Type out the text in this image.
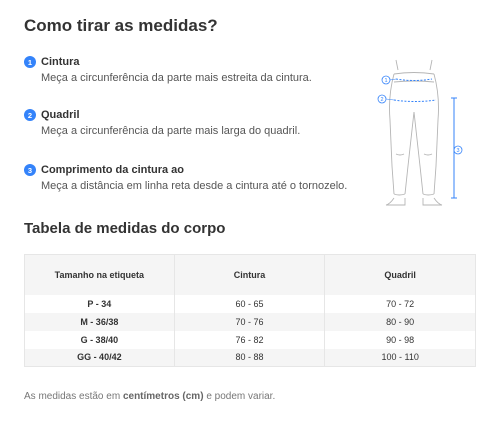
Como tirar as medidas?
1 Cintura
Meça a circunferência da parte mais estreita da cintura.
2 Quadril
Meça a circunferência da parte mais larga do quadril.
3 Comprimento da cintura ao
Meça a distância em linha reta desde a cintura até o tornozelo.
1
2
3
Tabela de medidas do corpo
Tamanho na etiqueta	Cintura	Quadril
P - 34	60 - 65	70 - 72
M - 36/38	70 - 76	80 - 90
G - 38/40	76 - 82	90 - 98
GG - 40/42	80 - 88	100 - 110
As medidas estão em centímetros (cm) e podem variar.
